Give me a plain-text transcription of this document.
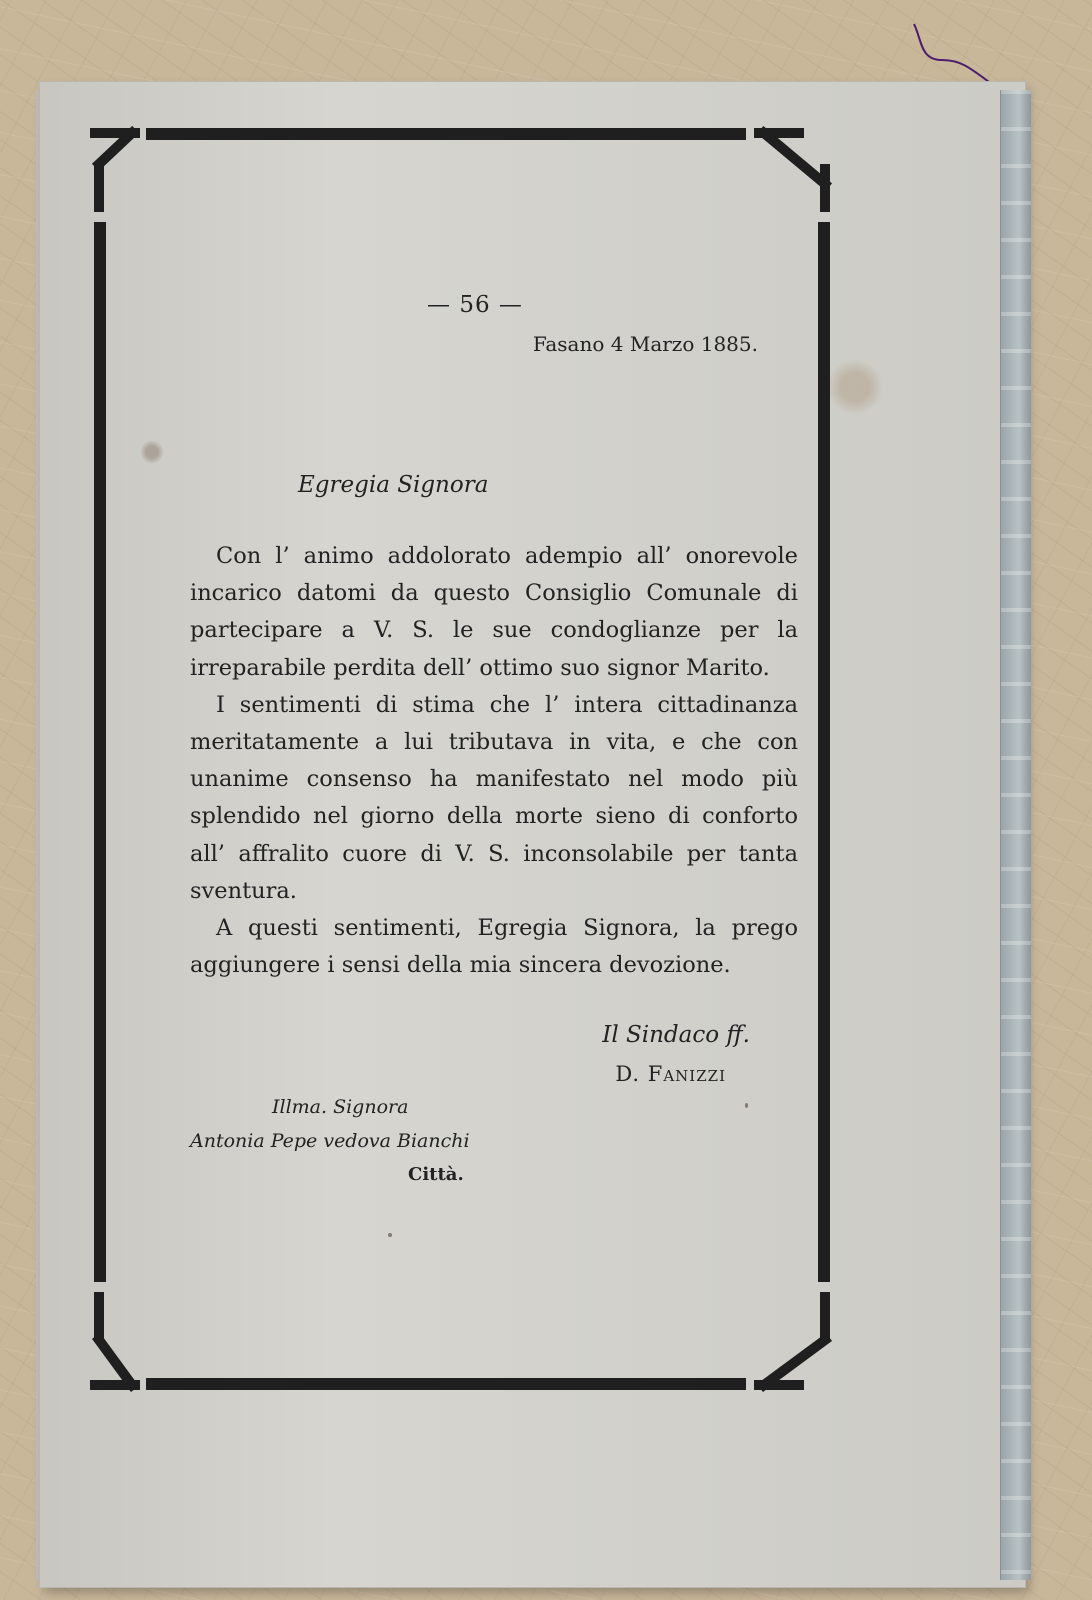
— 56 —
Fasano 4 Marzo 1885.
Egregia Signora

Con l’ animo addolorato adempio all’ onorevole incarico datomi da questo Consiglio Comunale di partecipare a V. S. le sue condoglianze per la irreparabile perdita dell’ ottimo suo signor Marito.

I sentimenti di stima che l’ intera cittadinanza meritatamente a lui tributava in vita, e che con unanime consenso ha manifestato nel modo più splendido nel giorno della morte sieno di conforto all’ affralito cuore di V. S. inconsolabile per tanta sventura.

A questi sentimenti, Egregia Signora, la prego aggiungere i sensi della mia sincera devozione.

Il Sindaco ff.
D. Fanizzi
Illma. Signora
Antonia Pepe vedova Bianchi
Città.
